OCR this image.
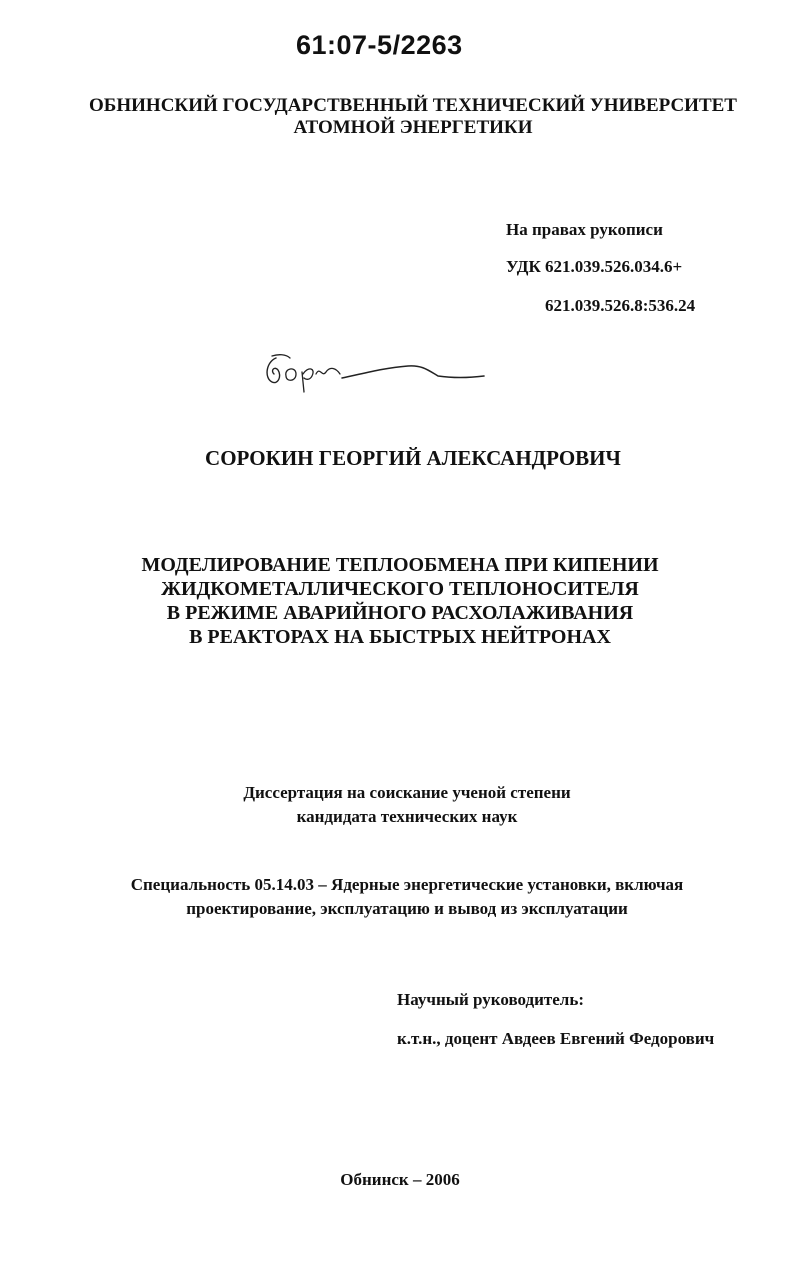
61:07-5/2263
ОБНИНСКИЙ ГОСУДАРСТВЕННЫЙ ТЕХНИЧЕСКИЙ УНИВЕРСИТЕТ
АТОМНОЙ ЭНЕРГЕТИКИ
На правах рукописи
УДК 621.039.526.034.6+
621.039.526.8:536.24
СОРОКИН ГЕОРГИЙ АЛЕКСАНДРОВИЧ
МОДЕЛИРОВАНИЕ ТЕПЛООБМЕНА ПРИ КИПЕНИИ
ЖИДКОМЕТАЛЛИЧЕСКОГО ТЕПЛОНОСИТЕЛЯ
В РЕЖИМЕ АВАРИЙНОГО РАСХОЛАЖИВАНИЯ
В РЕАКТОРАХ НА БЫСТРЫХ НЕЙТРОНАХ
Диссертация на соискание ученой степени
кандидата технических наук
Специальность 05.14.03 – Ядерные энергетические установки, включая
проектирование, эксплуатацию и вывод из эксплуатации
Научный руководитель:
к.т.н., доцент Авдеев Евгений Федорович
Обнинск – 2006
